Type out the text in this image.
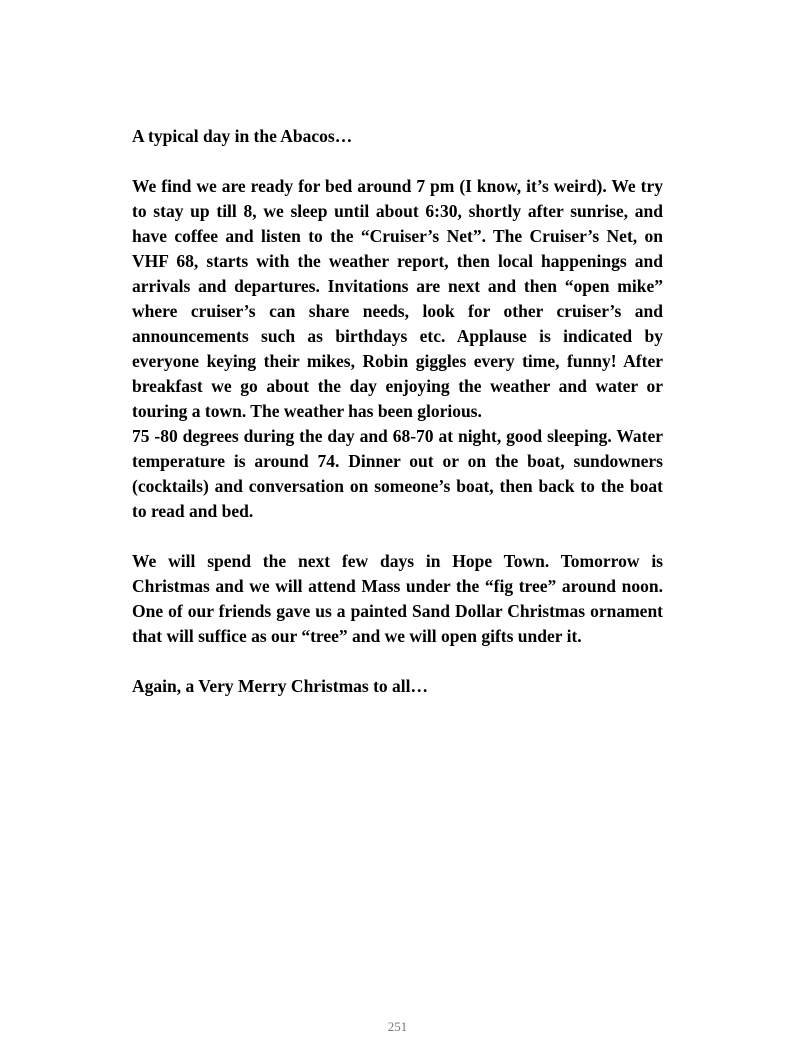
A typical day in the Abacos…

We find we are ready for bed around 7 pm (I know, it’s weird). We try to stay up till 8, we sleep until about 6:30, shortly after sunrise, and have coffee and listen to the “Cruiser’s Net”. The Cruiser’s Net, on VHF 68, starts with the weather report, then local happenings and arrivals and departures. Invitations are next and then “open mike” where cruiser’s can share needs, look for other cruiser’s and announcements such as birthdays etc. Applause is indicated by everyone keying their mikes, Robin giggles every time, funny! After breakfast we go about the day enjoying the weather and water or touring a town. The weather has been glorious.

75 -80 degrees during the day and 68-70 at night, good sleeping. Water temperature is around 74. Dinner out or on the boat, sundowners (cocktails) and conversation on someone’s boat, then back to the boat to read and bed.

We will spend the next few days in Hope Town. Tomorrow is Christmas and we will attend Mass under the “fig tree” around noon. One of our friends gave us a painted Sand Dollar Christmas ornament that will suffice as our “tree” and we will open gifts under it.

Again, a Very Merry Christmas to all…

251
